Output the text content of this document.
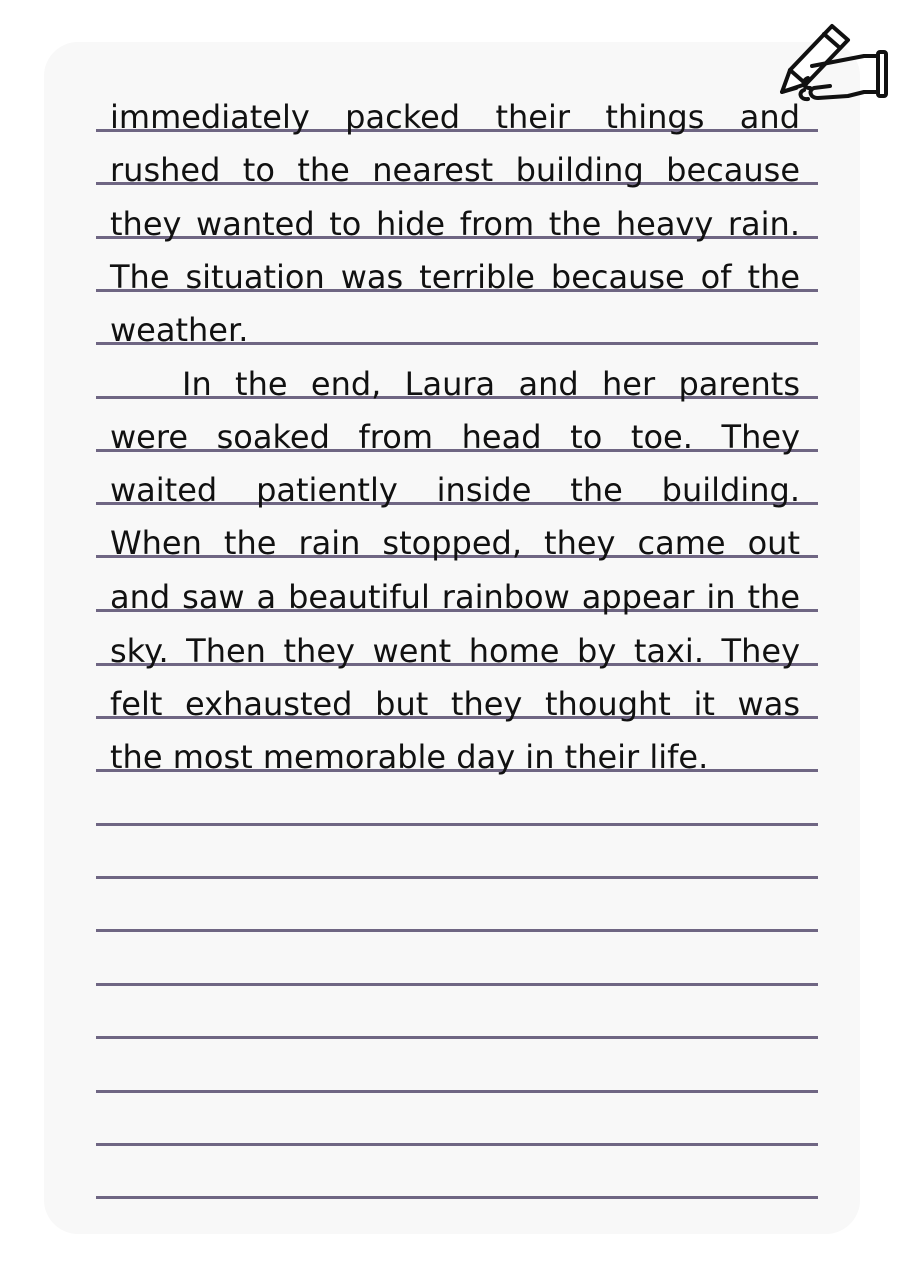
immediately packed their things and
rushed to the nearest building because
they wanted to hide from the heavy rain.
The situation was terrible because of the
weather.
In the end, Laura and her parents
were soaked from head to toe. They
waited patiently inside the building.
When the rain stopped, they came out
and saw a beautiful rainbow appear in the
sky. Then they went home by taxi. They
felt exhausted but they thought it was
the most memorable day in their life.
